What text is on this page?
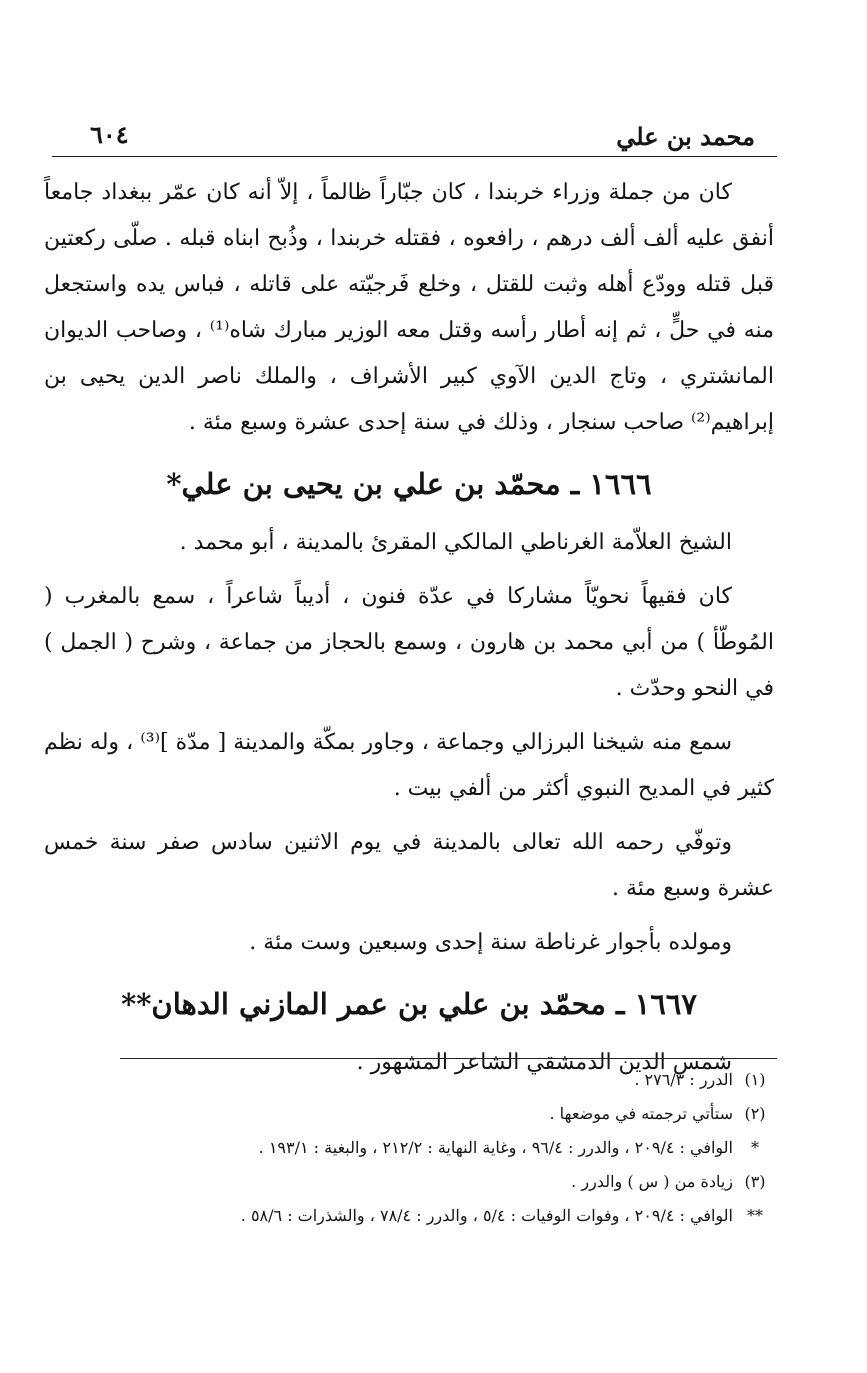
محمد بن علي
٦٠٤

كان من جملة وزراء خربندا ، كان جبّاراً ظالماً ، إلاّ أنه كان عمّر ببغداد جامعاً أنفق عليه ألف ألف درهم ، رافعوه ، فقتله خربندا ، وذُبح ابناه قبله . صلّى ركعتين قبل قتله وودّع أهله وثبت للقتل ، وخلع فَرجيّته على قاتله ، فباس يده واستجعل منه في حلٍّ ، ثم إنه أطار رأسه وقتل معه الوزير مبارك شاه⁽¹⁾ ، وصاحب الديوان المانشتري ، وتاج الدين الآوي كبير الأشراف ، والملك ناصر الدين يحيى بن إبراهيم⁽²⁾ صاحب سنجار ، وذلك في سنة إحدى عشرة وسبع مئة .

١٦٦٦ ـ محمّد بن علي بن يحيى بن علي*

الشيخ العلاّمة الغرناطي المالكي المقرئ بالمدينة ، أبو محمد .

كان فقيهاً نحويّاً مشاركا في عدّة فنون ، أديباً شاعراً ، سمع بالمغرب ( المُوطّأ ) من أبي محمد بن هارون ، وسمع بالحجاز من جماعة ، وشرح ( الجمل ) في النحو وحدّث .

سمع منه شيخنا البرزالي وجماعة ، وجاور بمكّة والمدينة [ مدّة ]⁽³⁾ ، وله نظم كثير في المديح النبوي أكثر من ألفي بيت .

وتوفّي رحمه الله تعالى بالمدينة في يوم الاثنين سادس صفر سنة خمس عشرة وسبع مئة .

ومولده بأجوار غرناطة سنة إحدى وسبعين وست مئة .

١٦٦٧ ـ محمّد بن علي بن عمر المازني الدهان**

شمس الدين الدمشقي الشاعر المشهور .

(١)
الدرر : ٢٧٦/٣ .
(٢)
ستأتي ترجمته في موضعها .
*
الوافي : ٢٠٩/٤ ، والدرر : ٩٦/٤ ، وغاية النهاية : ٢١٢/٢ ، والبغية : ١٩٣/١ .
(٣)
زيادة من ( س ) والدرر .
**
الوافي : ٢٠٩/٤ ، وفوات الوفيات : ٥/٤ ، والدرر : ٧٨/٤ ، والشذرات : ٥٨/٦ .
